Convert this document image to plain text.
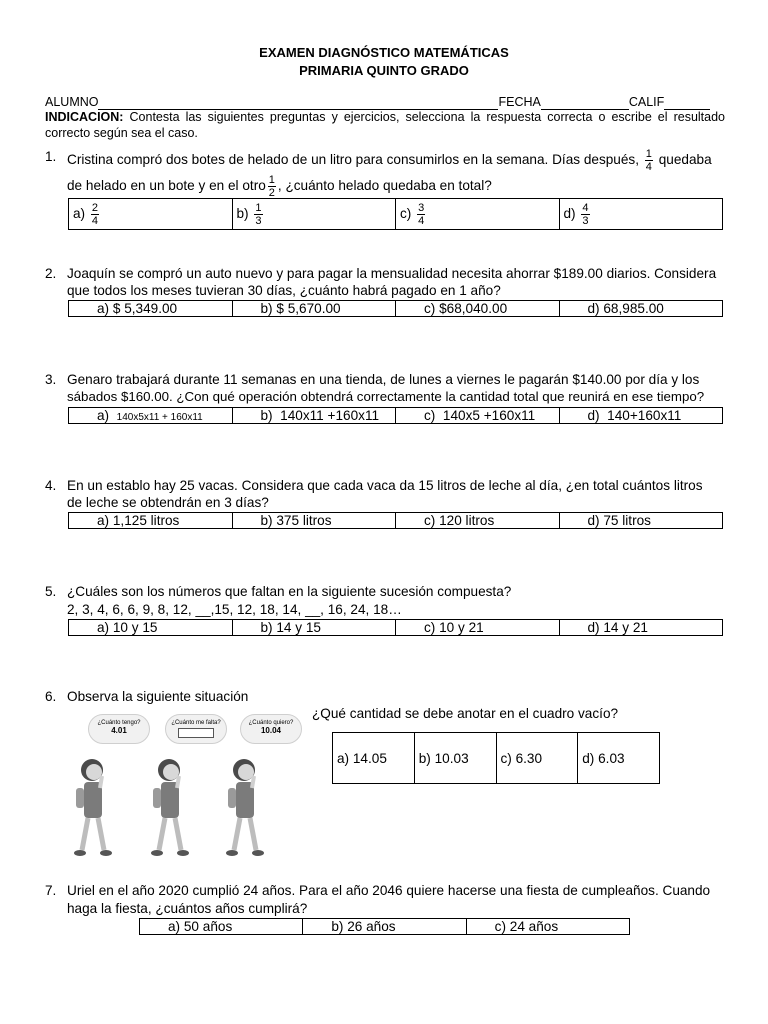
EXAMEN DIAGNÓSTICO MATEMÁTICAS
PRIMARIA QUINTO GRADO
ALUMNO	FECHA	CALIF
INDICACION: Contesta las siguientes preguntas y ejercicios, selecciona la respuesta correcta o escribe el resultado
correcto según sea el caso.
1. Cristina compró dos botes de helado de un litro para consumirlos en la semana. Días después, $\frac{1}{4}$ quedaba
de helado en un bote y en el otro $\frac{1}{2}$ , ¿cuánto helado quedaba en total?
$a) \frac{2}{4}$	$b) \frac{1}{3}$	$c) \frac{3}{4}$	$d) \frac{4}{3}$
2. Joaquín se compró un auto nuevo y para pagar la mensualidad necesita ahorrar $189.00 diarios. Considera
que todos los meses tuvieran 30 días, ¿cuánto habrá pagado en 1 año?
a) $ 5,349.00	b) $ 5,670.00	c) $68,040.00	d) 68,985.00
3. Genaro trabajará durante 11 semanas en una tienda, de lunes a viernes le pagarán $140.00 por día y los
sábados $160.00. ¿Con qué operación obtendrá correctamente la cantidad total que reunirá en ese tiempo?
a) 140x5x11 + 160x11	b) 140x11 +160x11	c) 140x5 +160x11	d) 140+160x11
4. En un establo hay 25 vacas. Considera que cada vaca da 15 litros de leche al día, ¿en total cuántos litros
de leche se obtendrán en 3 días?
a) 1,125 litros	b) 375 litros	c) 120 litros	d) 75 litros
5. ¿Cuáles son los números que faltan en la siguiente sucesión compuesta?
2, 3, 4, 6, 6, 9, 8, 12, __,15, 12, 18, 14, __, 16, 24, 18…
a) 10 y 15	b) 14 y 15	c) 10 y 21	d) 14 y 21
6. Observa la siguiente situación
¿Qué cantidad se debe anotar en el cuadro vacío?
¿Cuánto tengo?
4.01
¿Cuánto me falta?	¿Cuánto quiero?
10.04
a) 14.05	b) 10.03	c) 6.30	d) 6.03
7. Uriel en el año 2020 cumplió 24 años. Para el año 2046 quiere hacerse una fiesta de cumpleaños. Cuando
haga la fiesta, ¿cuántos años cumplirá?
a) 50 años	b) 26 años	c) 24 años
